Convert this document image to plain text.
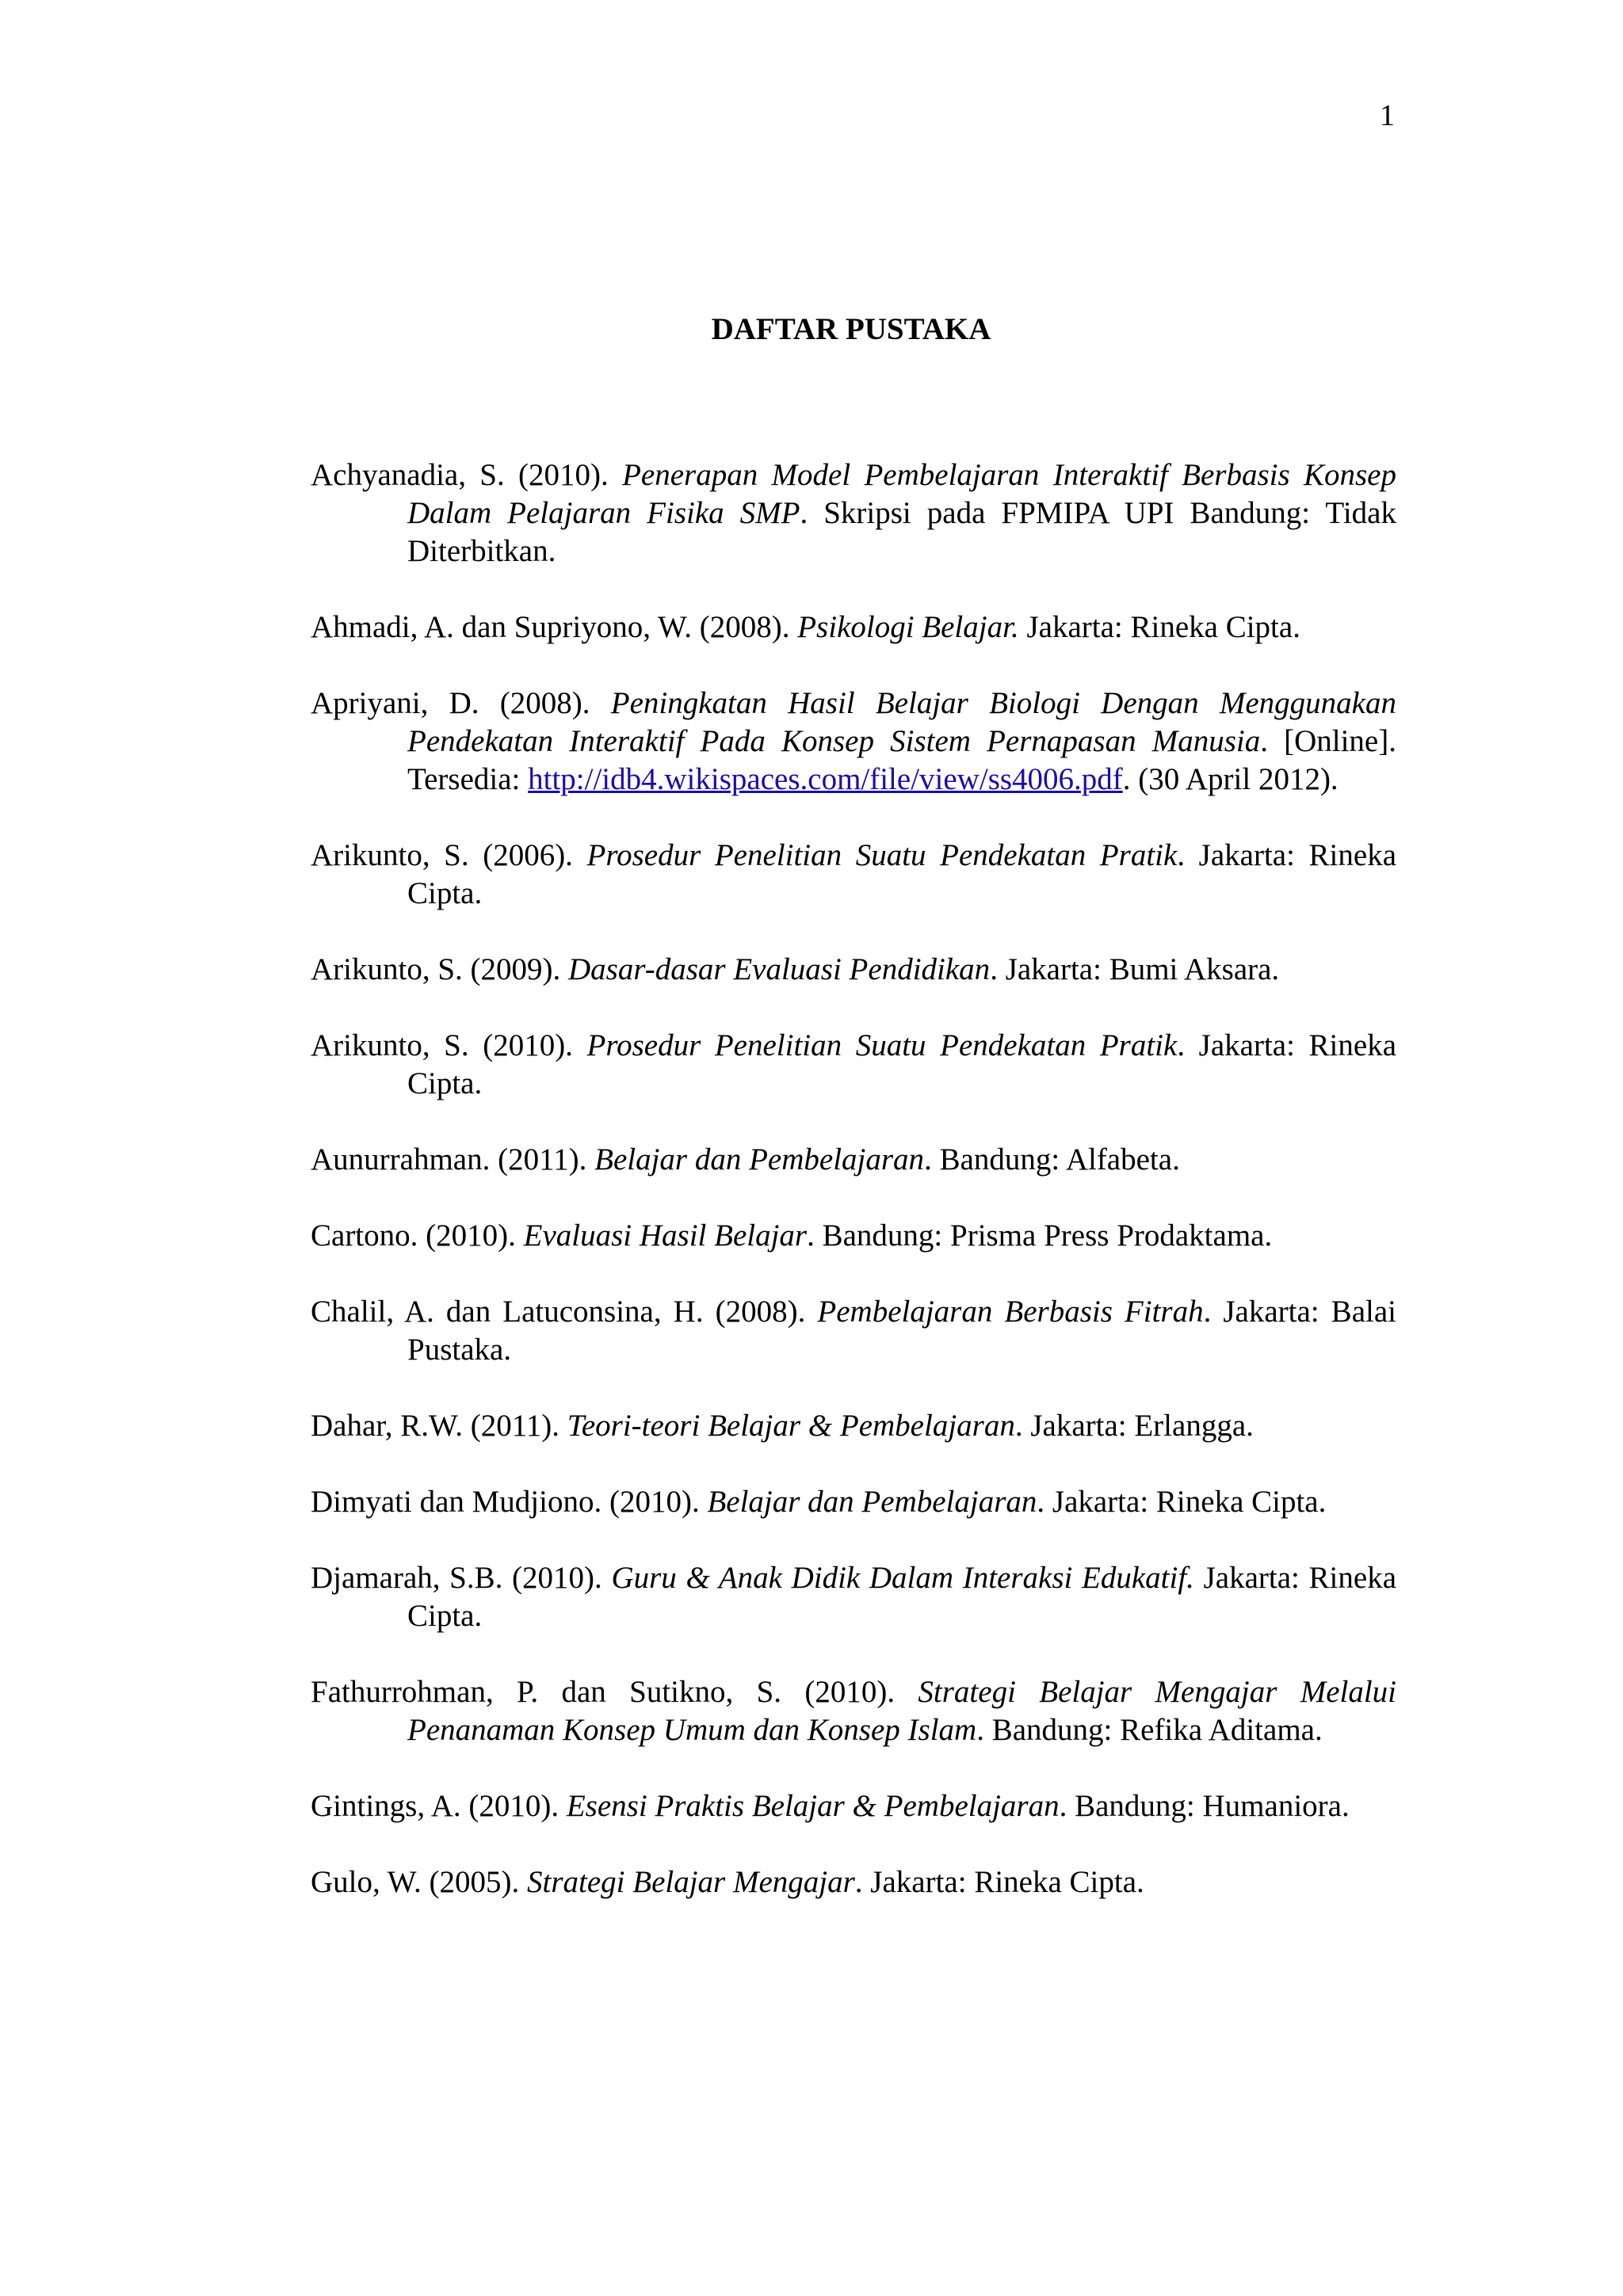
1
DAFTAR PUSTAKA
Achyanadia, S. (2010). Penerapan Model Pembelajaran Interaktif Berbasis Konsep Dalam Pelajaran Fisika SMP. Skripsi pada FPMIPA UPI Bandung: Tidak Diterbitkan.
Ahmadi, A. dan Supriyono, W. (2008). Psikologi Belajar. Jakarta: Rineka Cipta.
Apriyani, D. (2008). Peningkatan Hasil Belajar Biologi Dengan Menggunakan Pendekatan Interaktif Pada Konsep Sistem Pernapasan Manusia. [Online]. Tersedia: http://idb4.wikispaces.com/file/view/ss4006.pdf. (30 April 2012).
Arikunto, S. (2006). Prosedur Penelitian Suatu Pendekatan Pratik. Jakarta: Rineka Cipta.
Arikunto, S. (2009). Dasar-dasar Evaluasi Pendidikan. Jakarta: Bumi Aksara.
Arikunto, S. (2010). Prosedur Penelitian Suatu Pendekatan Pratik. Jakarta: Rineka Cipta.
Aunurrahman. (2011). Belajar dan Pembelajaran. Bandung: Alfabeta.
Cartono. (2010). Evaluasi Hasil Belajar. Bandung: Prisma Press Prodaktama.
Chalil, A. dan Latuconsina, H. (2008). Pembelajaran Berbasis Fitrah. Jakarta: Balai Pustaka.
Dahar, R.W. (2011). Teori-teori Belajar & Pembelajaran. Jakarta: Erlangga.
Dimyati dan Mudjiono. (2010). Belajar dan Pembelajaran. Jakarta: Rineka Cipta.
Djamarah, S.B. (2010). Guru & Anak Didik Dalam Interaksi Edukatif. Jakarta: Rineka Cipta.
Fathurrohman, P. dan Sutikno, S. (2010). Strategi Belajar Mengajar Melalui Penanaman Konsep Umum dan Konsep Islam. Bandung: Refika Aditama.
Gintings, A. (2010). Esensi Praktis Belajar & Pembelajaran. Bandung: Humaniora.
Gulo, W. (2005). Strategi Belajar Mengajar. Jakarta: Rineka Cipta.
